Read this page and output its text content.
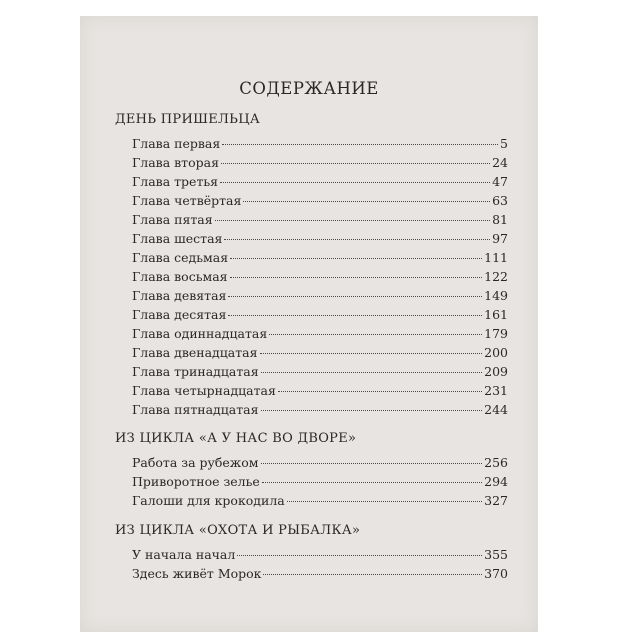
СОДЕРЖАНИЕ
ДЕНЬ ПРИШЕЛЬЦА
Глава первая	5
Глава вторая	24
Глава третья	47
Глава четвёртая	63
Глава пятая	81
Глава шестая	97
Глава седьмая	111
Глава восьмая	122
Глава девятая	149
Глава десятая	161
Глава одиннадцатая	179
Глава двенадцатая	200
Глава тринадцатая	209
Глава четырнадцатая	231
Глава пятнадцатая	244
ИЗ ЦИКЛА «А У НАС ВО ДВОРЕ»
Работа за рубежом	256
Приворотное зелье	294
Галоши для крокодила	327
ИЗ ЦИКЛА «ОХОТА И РЫБАЛКА»
У начала начал	355
Здесь живёт Морок	370
